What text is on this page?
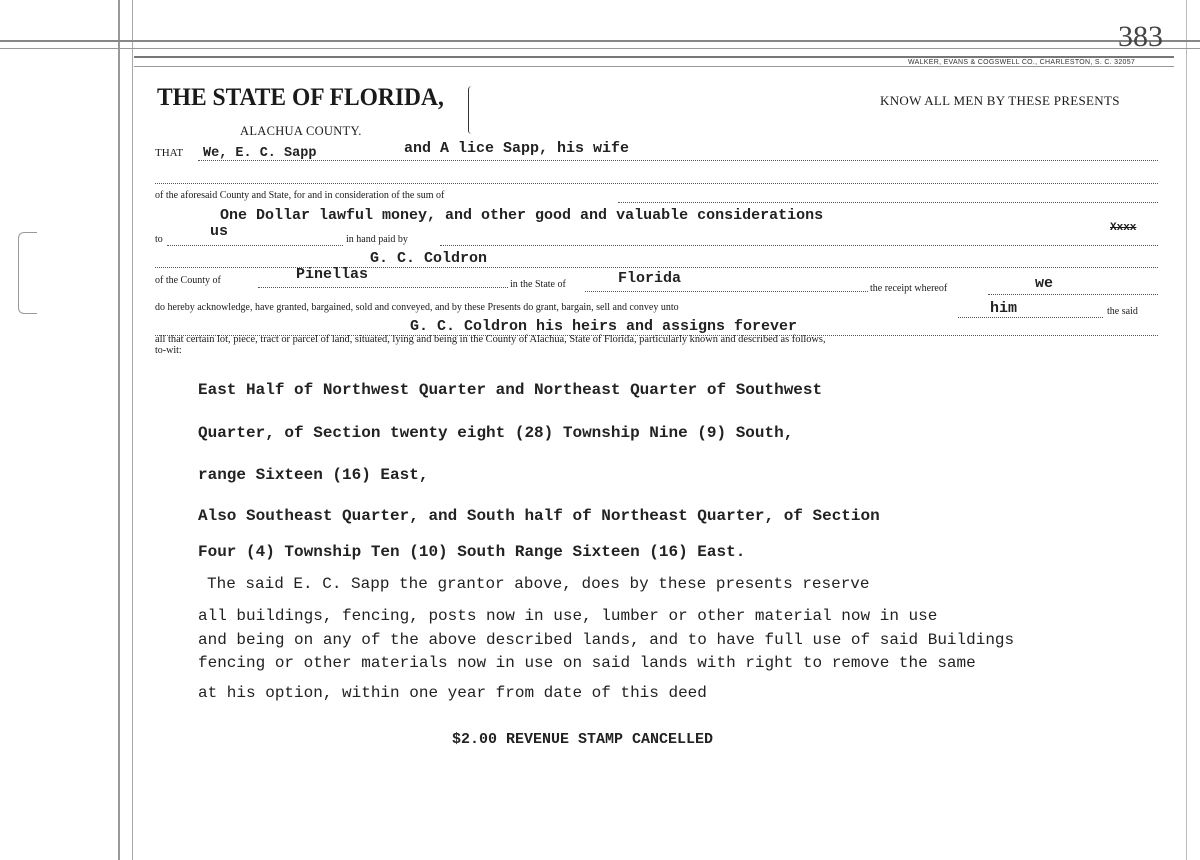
383
WALKER, EVANS & COGSWELL CO., CHARLESTON, S. C. 32057
THE STATE OF FLORIDA,	KNOW ALL MEN BY THESE PRESENTS
ALACHUA COUNTY.
THAT We, E. C. Sapp	and A lice Sapp, his wife
of the aforesaid County and State, for and in consideration of the sum of
One Dollar lawful money, and other good and valuable considerations
to	us	in hand paid by
Xxxx
G. C. Coldron
of the County of	Pinellas
in the State of	Florida
the receipt whereof	we
do hereby acknowledge, have granted, bargained, sold and conveyed, and by these Presents do grant, bargain, sell and convey unto	him	the said
G. C. Coldron his heirs and assigns forever
all that certain lot, piece, tract or parcel of land, situated, lying and being in the County of Alachua, State of Florida, particularly known and described as follows,
to-wit:
East Half of Northwest Quarter and Northeast Quarter of Southwest
Quarter, of Section twenty eight (28) Township Nine (9) South,
range Sixteen (16) East,
Also Southeast Quarter, and South half of Northeast Quarter, of Section
Four (4) Township Ten (10) South Range Sixteen (16) East.
The said E. C. Sapp the grantor above, does by these presents reserve
all buildings, fencing, posts now in use, lumber or other material now in use
and being on any of the above described lands, and to have full use of said Buildings
fencing or other materials now in use on said lands with right to remove the same
at his option, within one year from date of this deed
$2.00 REVENUE STAMP CANCELLED
